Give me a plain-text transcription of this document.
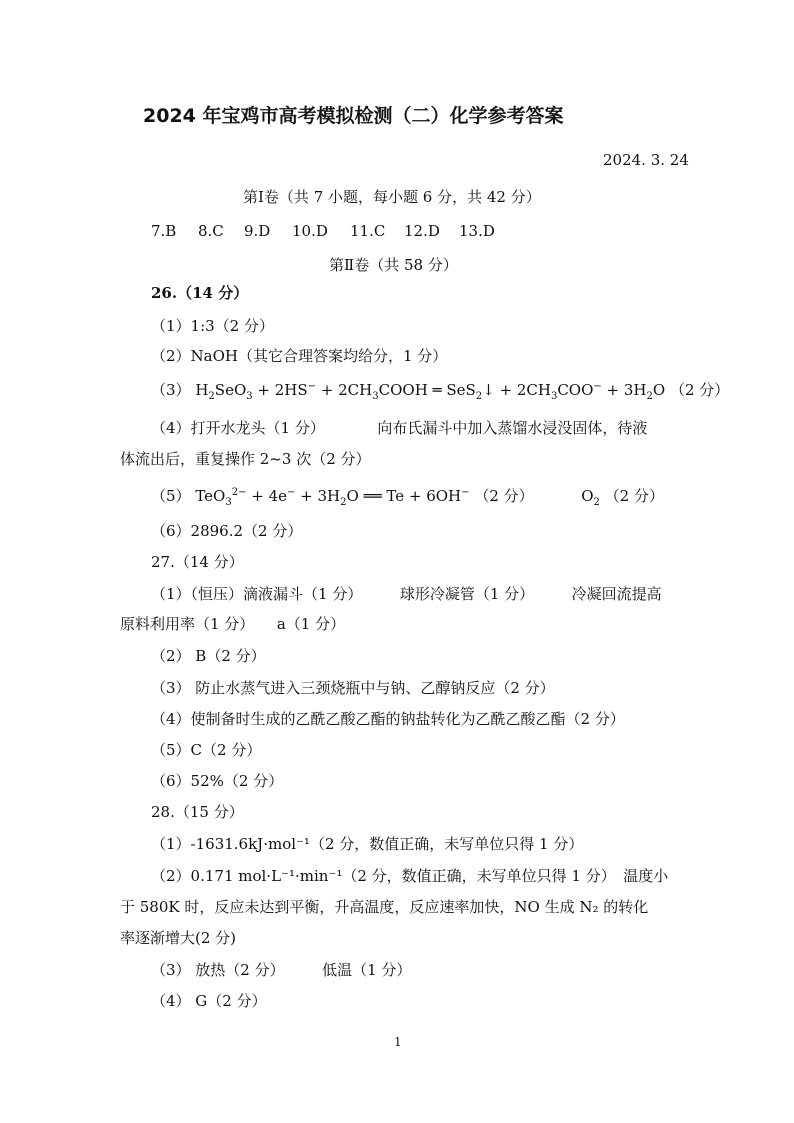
2024 年宝鸡市高考模拟检测（二）化学参考答案
2024. 3. 24
第Ⅰ卷（共 7 小题，每小题 6 分，共 42 分）
7.B 8.C 9.D 10.D 11.C 12.D 13.D
第Ⅱ卷（共 58 分）
26.（14 分）
（1）1:3（2 分）
（2）NaOH（其它合理答案均给分，1 分）
（3） $H_2SeO_3 + 2HS^-$ + $2CH_3COOH$ ═ SeS$_2$↓ + $2CH_3COO^- + 3H_2O$ （2 分）
（4）打开水龙头（1 分）　　　　向布氏漏斗中加入蒸馏水浸没固体，待液
体流出后，重复操作 2~3 次（2 分）
（5） $TeO_3^{2-} + 4e^- + 3H_2O$ ══ Te + 6OH− （2 分）	$O_2$ （2 分）
（6）2896.2（2 分）
27.（14 分）
（1）（恒压）滴液漏斗（1 分）　　　球形冷凝管（1 分）　　　冷凝回流提高
原料利用率（1 分）　　a（1 分）
（2） B（2 分）
（3） 防止水蒸气进入三颈烧瓶中与钠、乙醇钠反应（2 分）
（4）使制备时生成的乙酰乙酸乙酯的钠盐转化为乙酰乙酸乙酯（2 分）
（5）C（2 分）
（6）52%（2 分）
28.（15 分）
（1）-1631.6kJ·mol⁻¹（2 分，数值正确，未写单位只得 1 分）
（2）0.171 mol·L⁻¹·min⁻¹（2 分，数值正确，未写单位只得 1 分）　温度小
于 580K 时，反应未达到平衡，升高温度，反应速率加快，NO 生成 N₂ 的转化
率逐渐增大(2 分)
（3） 放热（2 分）　　　低温（1 分）
（4） G（2 分）
1
